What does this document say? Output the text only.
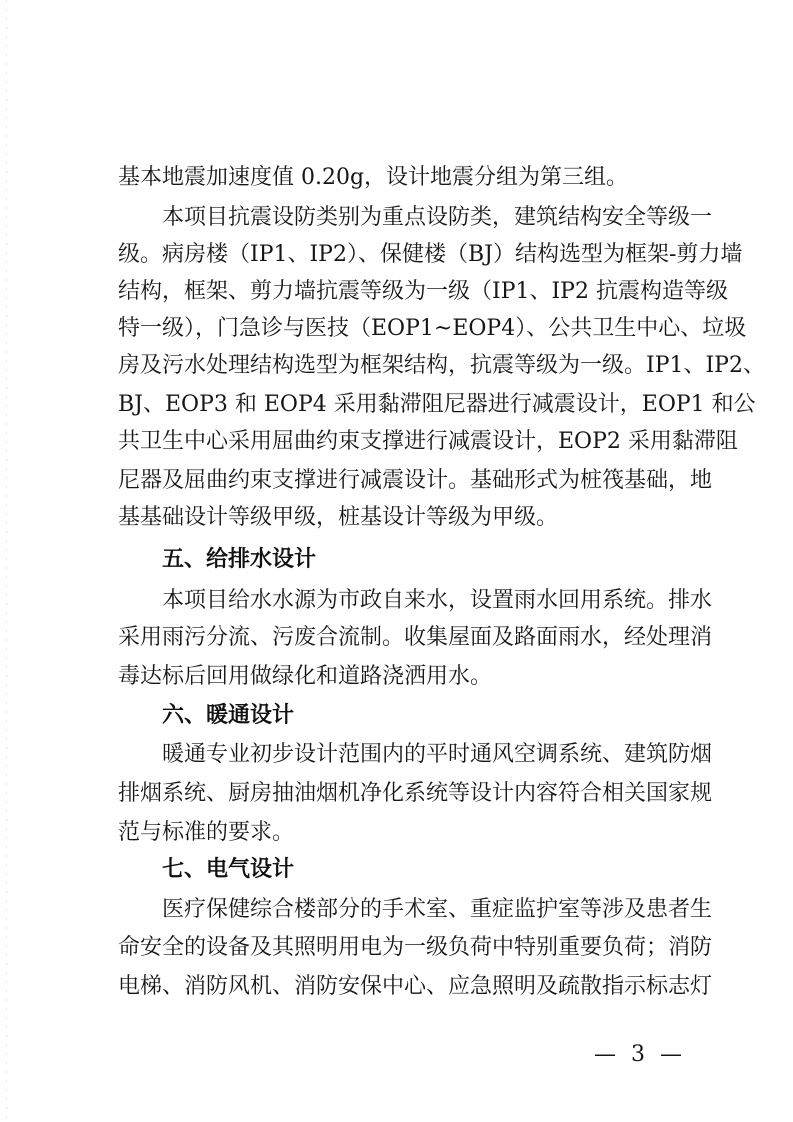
基本地震加速度值 0.20g，设计地震分组为第三组。
本项目抗震设防类别为重点设防类，建筑结构安全等级一
级。病房楼（IP1、IP2）、保健楼（BJ）结构选型为框架-剪力墙
结构，框架、剪力墙抗震等级为一级（IP1、IP2 抗震构造等级
特一级），门急诊与医技（EOP1~EOP4）、公共卫生中心、垃圾
房及污水处理结构选型为框架结构，抗震等级为一级。IP1、IP2、
BJ、EOP3 和 EOP4 采用黏滞阻尼器进行减震设计，EOP1 和公
共卫生中心采用屈曲约束支撑进行减震设计，EOP2 采用黏滞阻
尼器及屈曲约束支撑进行减震设计。基础形式为桩筏基础，地
基基础设计等级甲级，桩基设计等级为甲级。
五、给排水设计
本项目给水水源为市政自来水，设置雨水回用系统。排水
采用雨污分流、污废合流制。收集屋面及路面雨水，经处理消
毒达标后回用做绿化和道路浇洒用水。
六、暖通设计
暖通专业初步设计范围内的平时通风空调系统、建筑防烟
排烟系统、厨房抽油烟机净化系统等设计内容符合相关国家规
范与标准的要求。
七、电气设计
医疗保健综合楼部分的手术室、重症监护室等涉及患者生
命安全的设备及其照明用电为一级负荷中特别重要负荷；消防
电梯、消防风机、消防安保中心、应急照明及疏散指示标志灯
— 3 —
